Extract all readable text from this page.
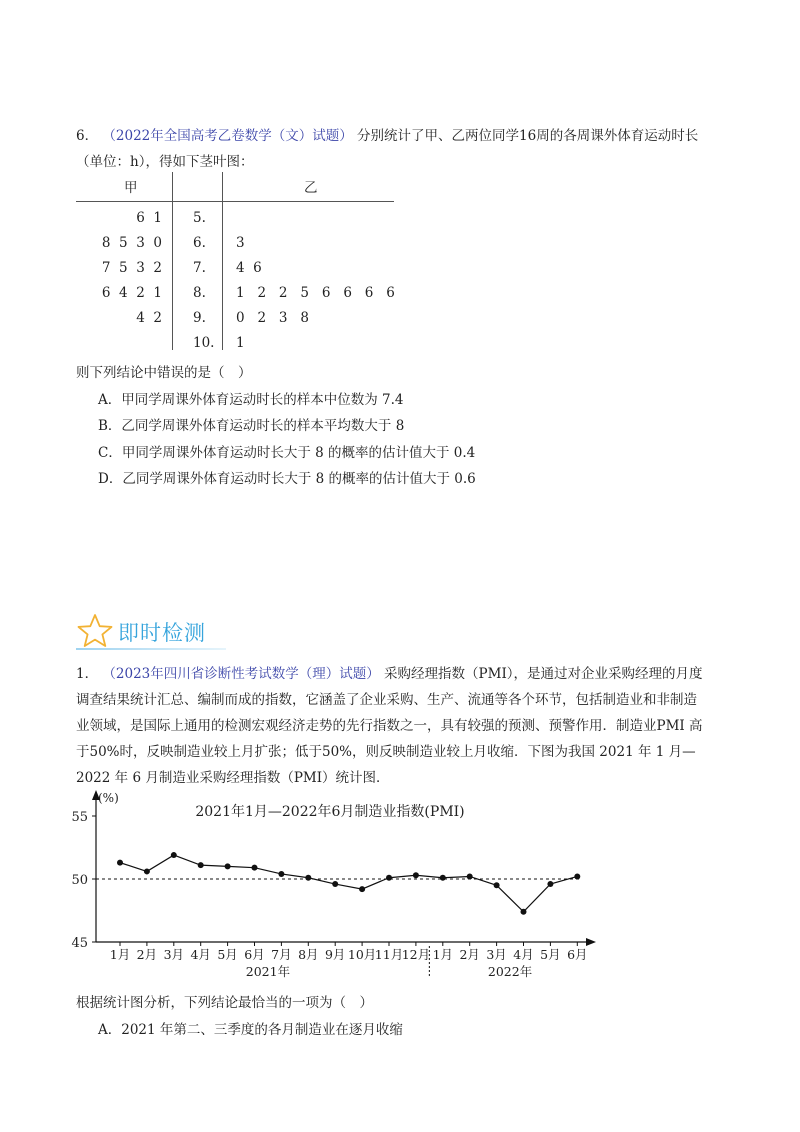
6． （2022年全国高考乙卷数学（文）试题） 分别统计了甲、乙两位同学16周的各周课外体育运动时长
（单位：h），得如下茎叶图：
甲	乙
6  1 5.
8  5  3  0 6. 3
7  5  3  2 7. 4  6
6  4  2  1 8. 1   2   2   5   6   6   6   6
4  2 9. 0   2   3   8
10. 1
则下列结论中错误的是（　）
A．甲同学周课外体育运动时长的样本中位数为 7.4
B．乙同学周课外体育运动时长的样本平均数大于 8
C．甲同学周课外体育运动时长大于 8 的概率的估计值大于 0.4
D．乙同学周课外体育运动时长大于 8 的概率的估计值大于 0.6
即时检测
1． （2023年四川省诊断性考试数学（理）试题） 采购经理指数（PMI），是通过对企业采购经理的月度
调查结果统计汇总、编制而成的指数，它涵盖了企业采购、生产、流通等各个环节，包括制造业和非制造
业领域，是国际上通用的检测宏观经济走势的先行指数之一，具有较强的预测、预警作用．制造业PMI 高
于50%时，反映制造业较上月扩张；低于50%，则反映制造业较上月收缩．下图为我国 2021 年 1 月—
2022 年 6 月制造业采购经理指数（PMI）统计图．
2021年1月—2022年6月制造业指数(PMI)
(%)
55
50
45
1月 2月 3月 4月 5月 6月 7月 8月 9月 10月
11月
12月 1月 2月 3月 4月 5月 6月
2021年	2022年
根据统计图分析，下列结论最恰当的一项为（　）
A．2021 年第二、三季度的各月制造业在逐月收缩
